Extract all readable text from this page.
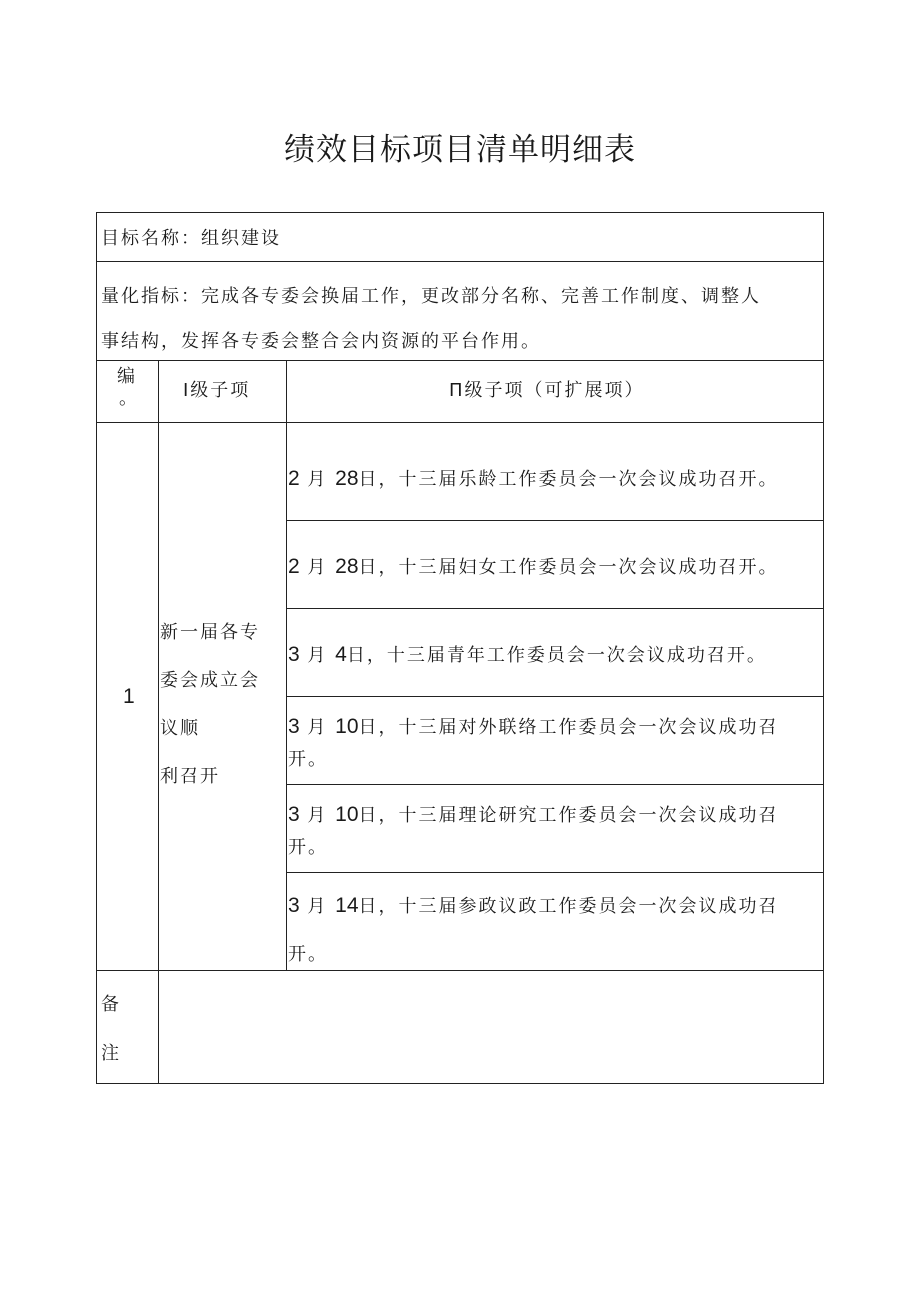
绩效目标项目清单明细表
目标名称：组织建设
量化指标：完成各专委会换届工作，更改部分名称、完善工作制度、调整人
事结构，发挥各专委会整合会内资源的平台作用。
编
。 Ⅰ级子项	Π级子项（可扩展项）
1
新一届各专
委会成立会
议顺
利召开
2 月 28日，十三届乐龄工作委员会一次会议成功召开。
2 月 28日，十三届妇女工作委员会一次会议成功召开。
3 月 4日，十三届青年工作委员会一次会议成功召开。
3 月 10日，十三届对外联络工作委员会一次会议成功召
开。
3 月 10日，十三届理论研究工作委员会一次会议成功召
开。
3 月 14日，十三届参政议政工作委员会一次会议成功召
开。
备
注
